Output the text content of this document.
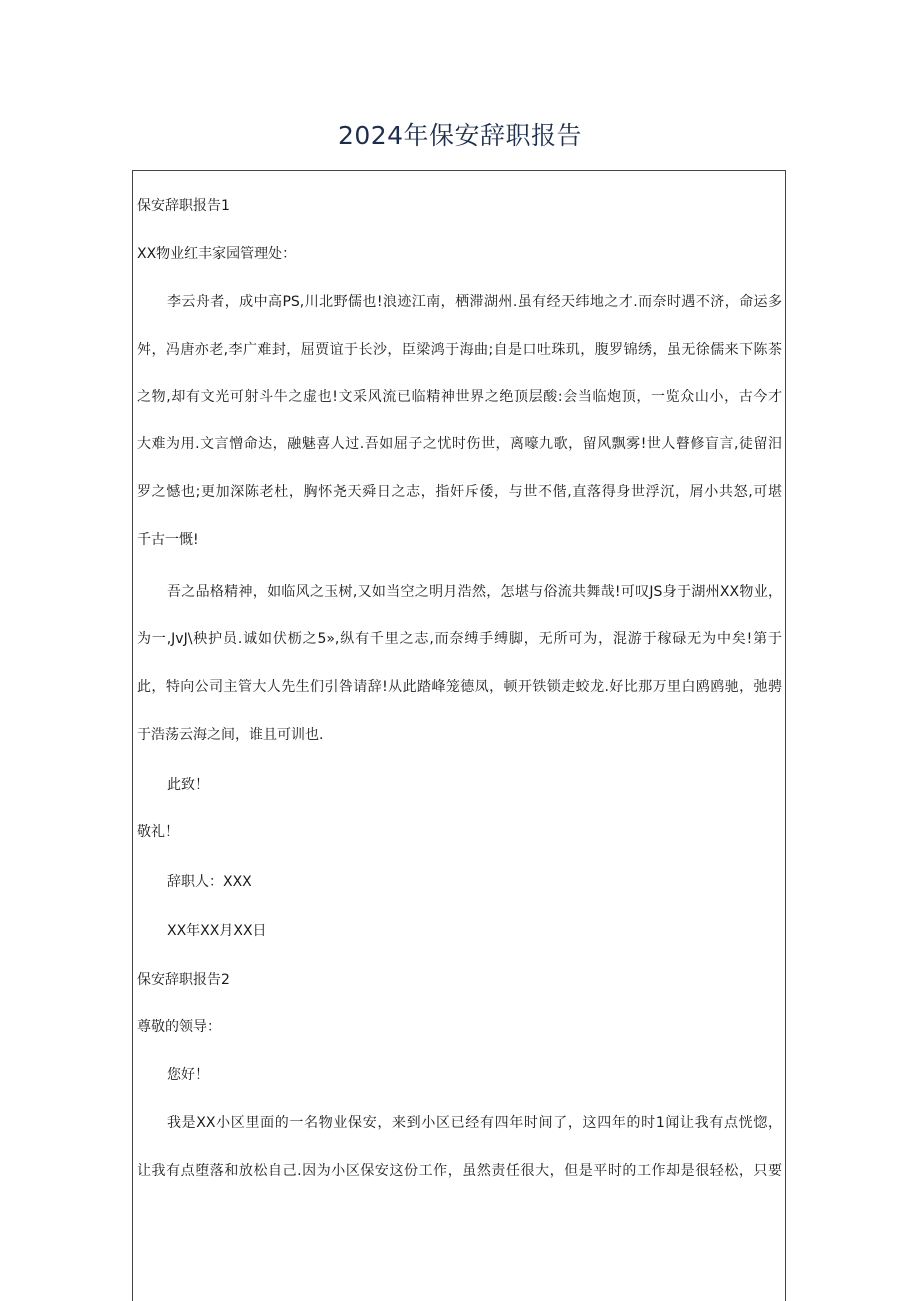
2024年保安辞职报告
保安辞职报告1
XX物业红丰家园管理处：
李云舟者，成中高PS,川北野儒也!浪迹江南，栖滞湖州.虽有经天纬地之才.而奈时遇不济，命运多
舛，冯唐亦老,李广难封，屈贾谊于长沙，臣梁鸿于海曲;自是口吐珠玑，腹罗锦绣，虽无徐儒来下陈茶
之物,却有文光可射斗牛之虚也!文采风流已临精神世界之绝顶层酸:会当临炮顶，一览众山小，古今才
大难为用.文言憎命达，融魅喜人过.吾如屈子之忧时伤世，离嚎九歌，留风飘雾!世人瞽修盲言,徒留汨
罗之憾也;更加深陈老杜，胸怀尧天舜日之志，指奸斥倭，与世不偕,直落得身世浮沉，屑小共怒,可堪
千古一慨!
吾之品格精神，如临风之玉树,又如当空之明月浩然，怎堪与俗流共舞哉!可叹JS身于湖州XX物业，
为一,JvJ\秧护员.诚如伏枥之5»,纵有千里之志,而奈缚手缚脚，无所可为，混游于稼碌无为中矣!第于
此，特向公司主管大人先生们引咎请辞!从此踏峰笼德凤，顿开铁锁走蛟龙.好比那万里白鸥鸥驰，弛骋
于浩荡云海之间，谁且可训也.
此致！
敬礼！
辞职人：XXX
XX年XX月XX日
保安辞职报告2
尊敬的领导：
您好！
我是XX小区里面的一名物业保安，来到小区已经有四年时间了，这四年的时1闻让我有点恍惚，
让我有点堕落和放松自己.因为小区保安这份工作，虽然责任很大，但是平时的工作却是很轻松，只要
